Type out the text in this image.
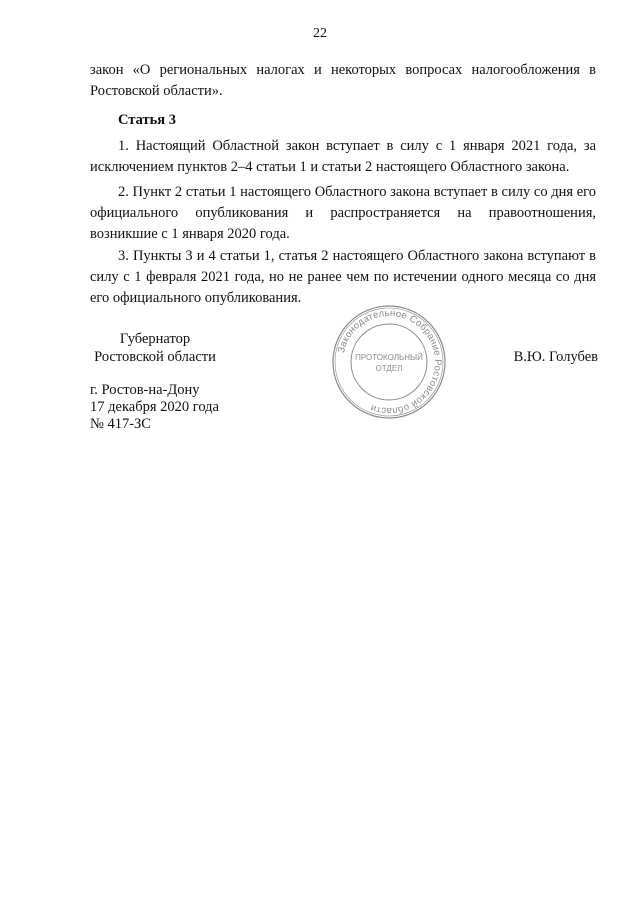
22
закон «О региональных налогах и некоторых вопросах налогообложения в Ростовской области».
Статья 3
1. Настоящий Областной закон вступает в силу с 1 января 2021 года, за исключением пунктов 2–4 статьи 1 и статьи 2 настоящего Областного закона.
2. Пункт 2 статьи 1 настоящего Областного закона вступает в силу со дня его официального опубликования и распространяется на правоотношения, возникшие с 1 января 2020 года.
3. Пункты 3 и 4 статьи 1, статья 2 настоящего Областного закона вступают в силу с 1 февраля 2021 года, но не ранее чем по истечении одного месяца со дня его официального опубликования.
Губернатор
Ростовской области	В.Ю. Голубев
Законодательное Собрание Ростовской области
ПРОТОКОЛЬНЫЙ
ОТДЕЛ
г. Ростов-на-Дону
17 декабря 2020 года
№ 417-ЗС
